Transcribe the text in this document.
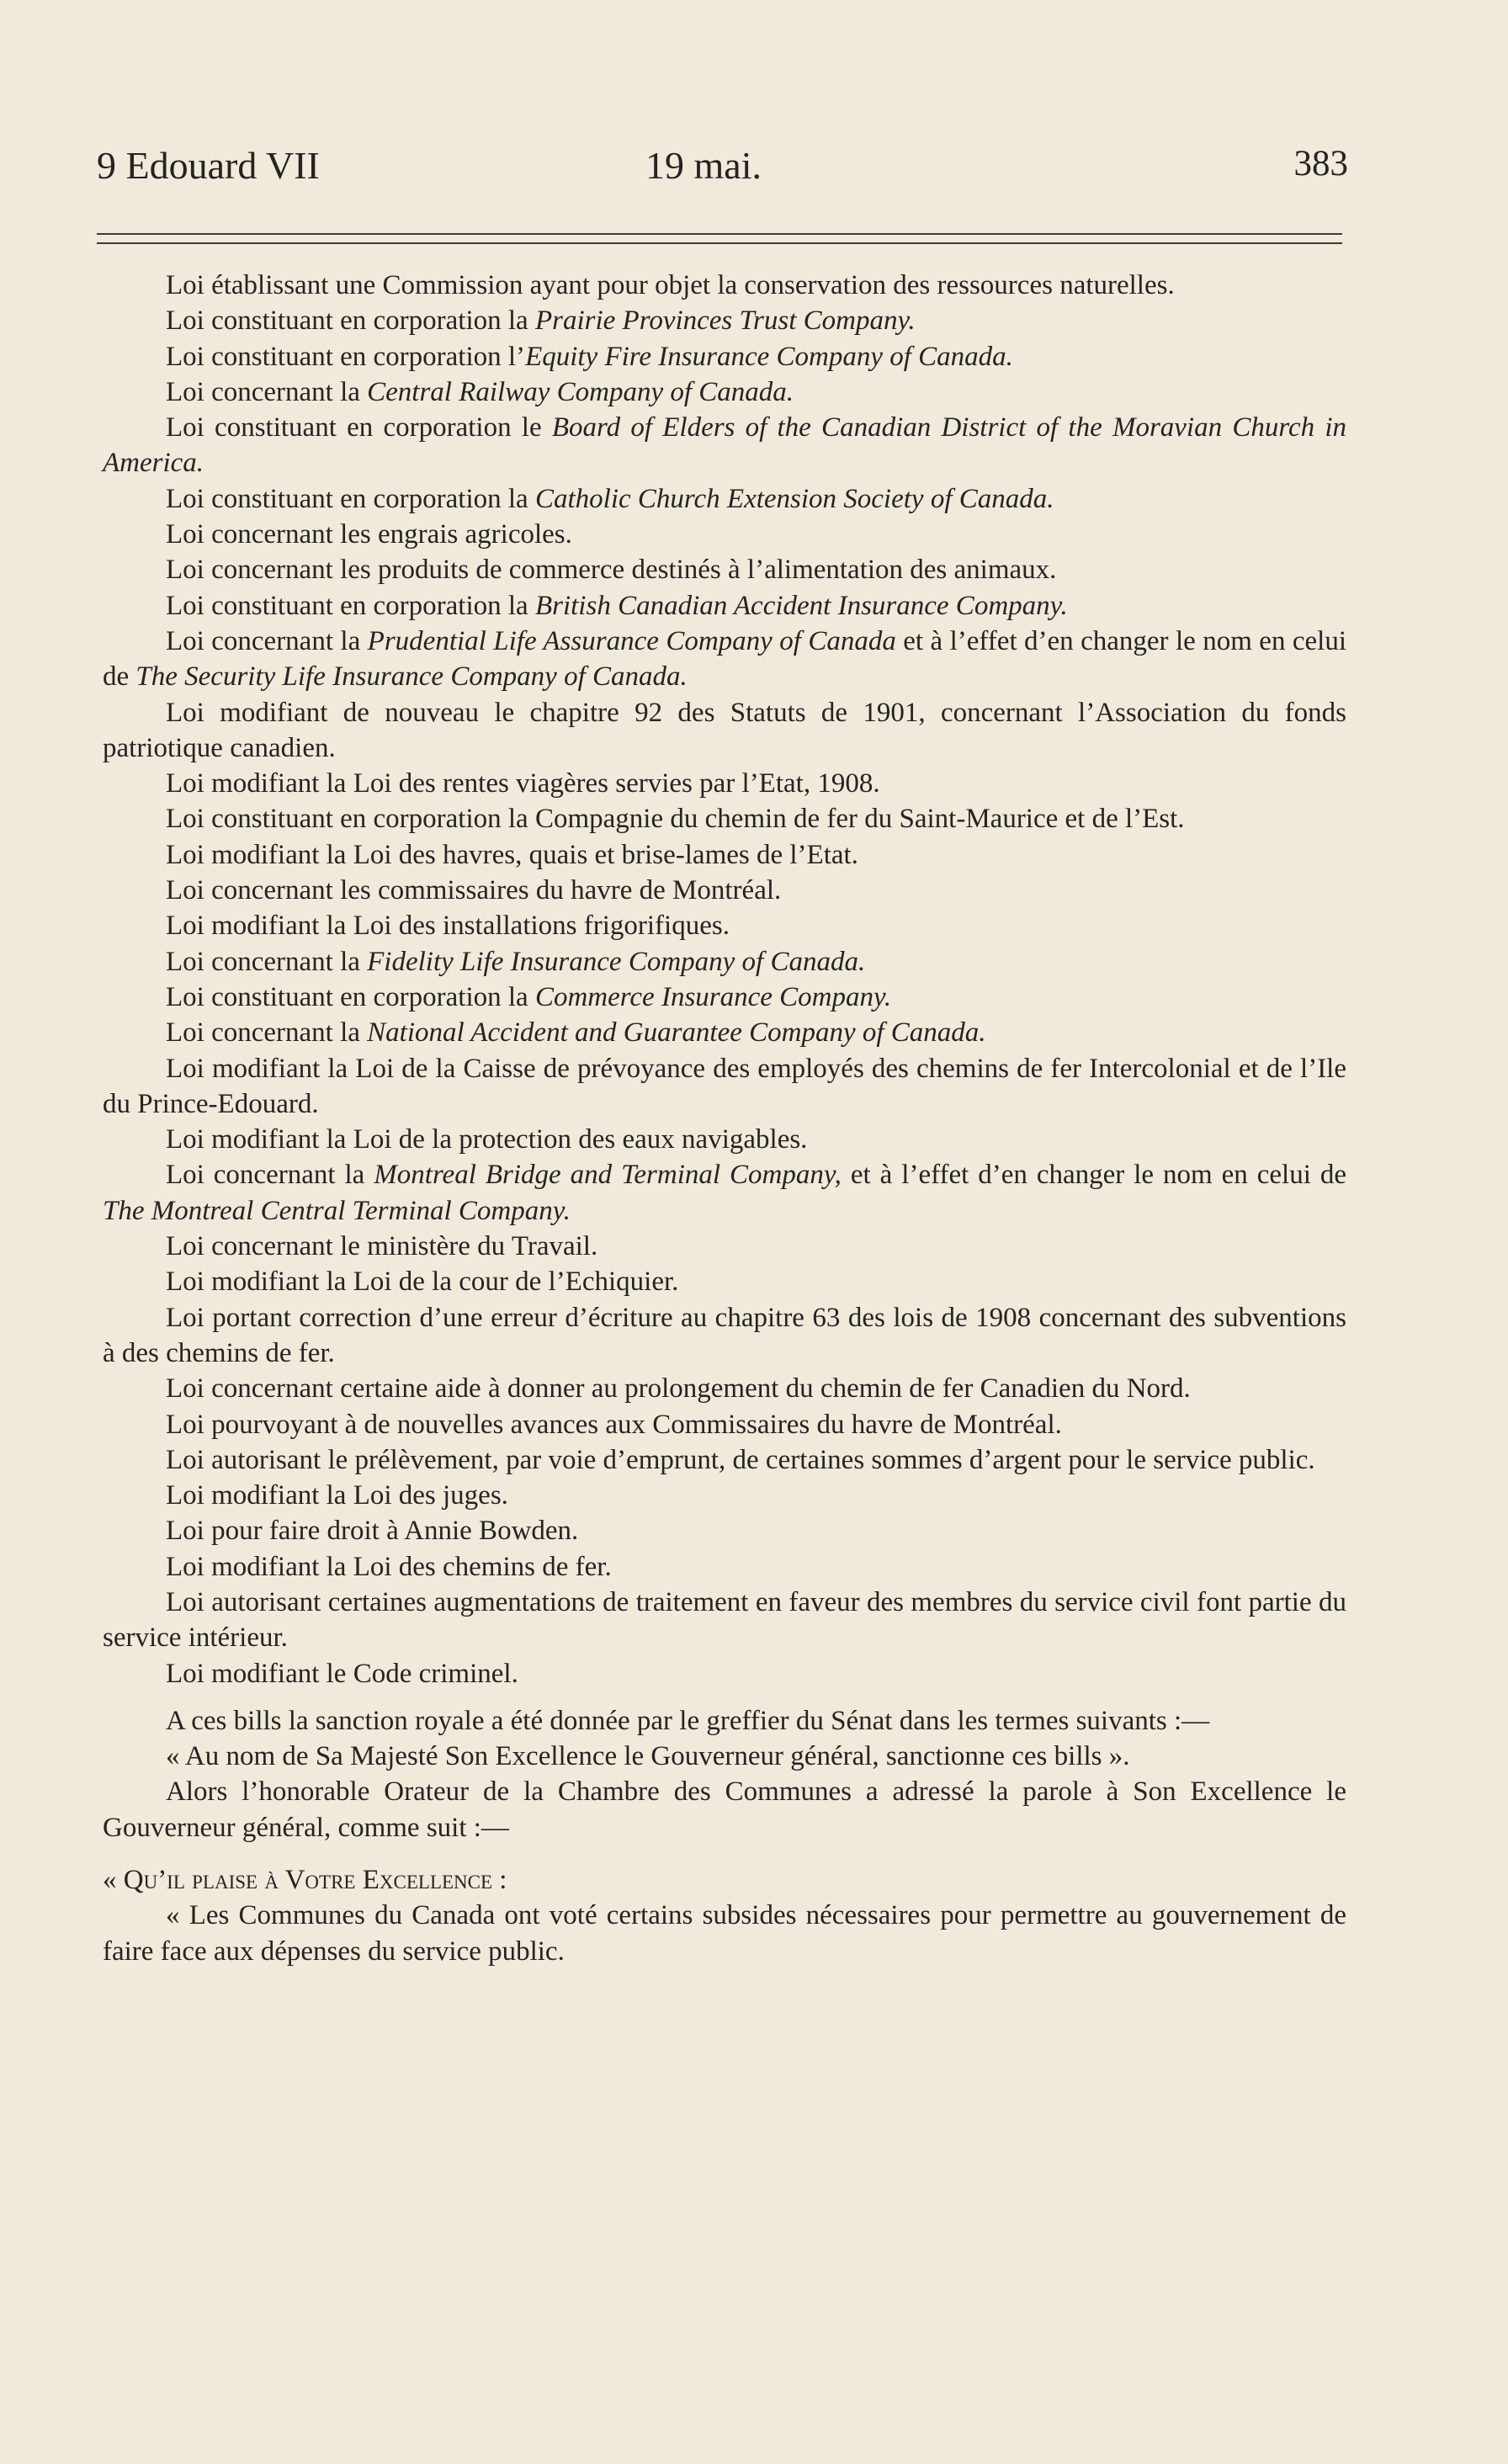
9 Edouard VII	19 mai.	383

Loi établissant une Commission ayant pour objet la conservation des ressources naturelles.

Loi constituant en corporation la Prairie Provinces Trust Company.

Loi constituant en corporation l’Equity Fire Insurance Company of Canada.

Loi concernant la Central Railway Company of Canada.

Loi constituant en corporation le Board of Elders of the Canadian District of the Moravian Church in America.

Loi constituant en corporation la Catholic Church Extension Society of Canada.

Loi concernant les engrais agricoles.

Loi concernant les produits de commerce destinés à l’alimentation des animaux.

Loi constituant en corporation la British Canadian Accident Insurance Company.

Loi concernant la Prudential Life Assurance Company of Canada et à l’effet d’en changer le nom en celui de The Security Life Insurance Company of Canada.

Loi modifiant de nouveau le chapitre 92 des Statuts de 1901, concernant l’Association du fonds patriotique canadien.

Loi modifiant la Loi des rentes viagères servies par l’Etat, 1908.

Loi constituant en corporation la Compagnie du chemin de fer du Saint-Maurice et de l’Est.

Loi modifiant la Loi des havres, quais et brise-lames de l’Etat.

Loi concernant les commissaires du havre de Montréal.

Loi modifiant la Loi des installations frigorifiques.

Loi concernant la Fidelity Life Insurance Company of Canada.

Loi constituant en corporation la Commerce Insurance Company.

Loi concernant la National Accident and Guarantee Company of Canada.

Loi modifiant la Loi de la Caisse de prévoyance des employés des chemins de fer Intercolonial et de l’Ile du Prince-Edouard.

Loi modifiant la Loi de la protection des eaux navigables.

Loi concernant la Montreal Bridge and Terminal Company, et à l’effet d’en changer le nom en celui de The Montreal Central Terminal Company.

Loi concernant le ministère du Travail.

Loi modifiant la Loi de la cour de l’Echiquier.

Loi portant correction d’une erreur d’écriture au chapitre 63 des lois de 1908 concernant des subventions à des chemins de fer.

Loi concernant certaine aide à donner au prolongement du chemin de fer Canadien du Nord.

Loi pourvoyant à de nouvelles avances aux Commissaires du havre de Montréal.

Loi autorisant le prélèvement, par voie d’emprunt, de certaines sommes d’argent pour le service public.

Loi modifiant la Loi des juges.

Loi pour faire droit à Annie Bowden.

Loi modifiant la Loi des chemins de fer.

Loi autorisant certaines augmentations de traitement en faveur des membres du service civil font partie du service intérieur.

Loi modifiant le Code criminel.

A ces bills la sanction royale a été donnée par le greffier du Sénat dans les termes suivants :—

« Au nom de Sa Majesté Son Excellence le Gouverneur général, sanctionne ces bills ».

Alors l’honorable Orateur de la Chambre des Communes a adressé la parole à Son Excellence le Gouverneur général, comme suit :—

« Qu’il plaise à Votre Excellence :

« Les Communes du Canada ont voté certains subsides nécessaires pour permettre au gouvernement de faire face aux dépenses du service public.
